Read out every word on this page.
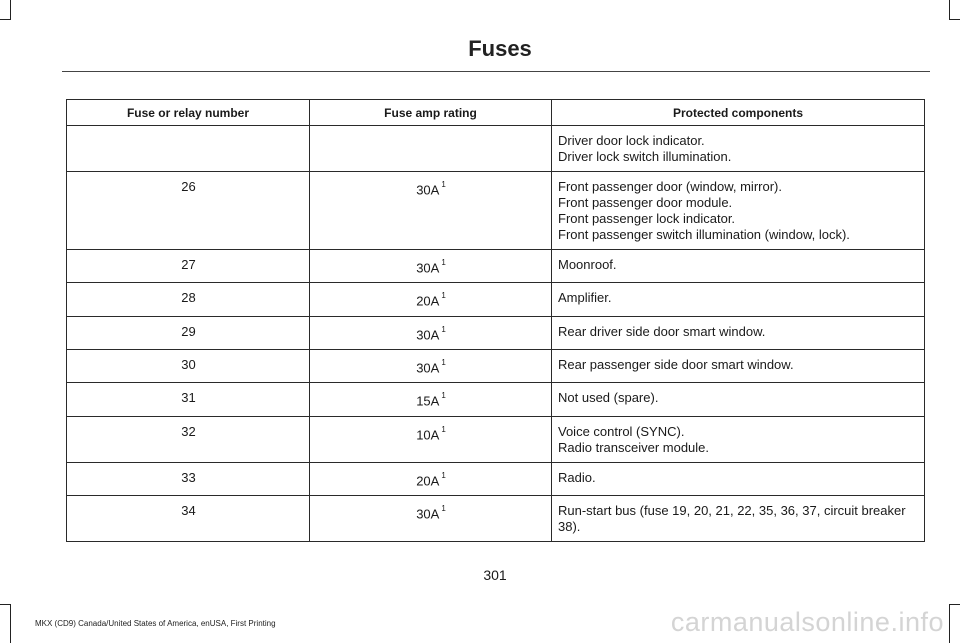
Fuses
Fuse or relay number	Fuse amp rating	Protected components

		Driver door lock indicator.
Driver lock switch illumination.

26	30A $^1$	Front passenger door (window, mirror).
Front passenger door module.
Front passenger lock indicator.
Front passenger switch illumination (window, lock).

27	30A $^1$	Moonroof.

28	20A $^1$	Amplifier.

29	30A $^1$	Rear driver side door smart window.

30	30A $^1$	Rear passenger side door smart window.

31	15A $^1$	Not used (spare).

32	10A $^1$	Voice control (SYNC).
Radio transceiver module.

33	20A $^1$	Radio.

34	30A $^1$	Run-start bus (fuse 19, 20, 21, 22, 35, 36, 37, circuit breaker 38).
301
MKX (CD9) Canada/United States of America, enUSA, First Printing	carmanualsonline.info
